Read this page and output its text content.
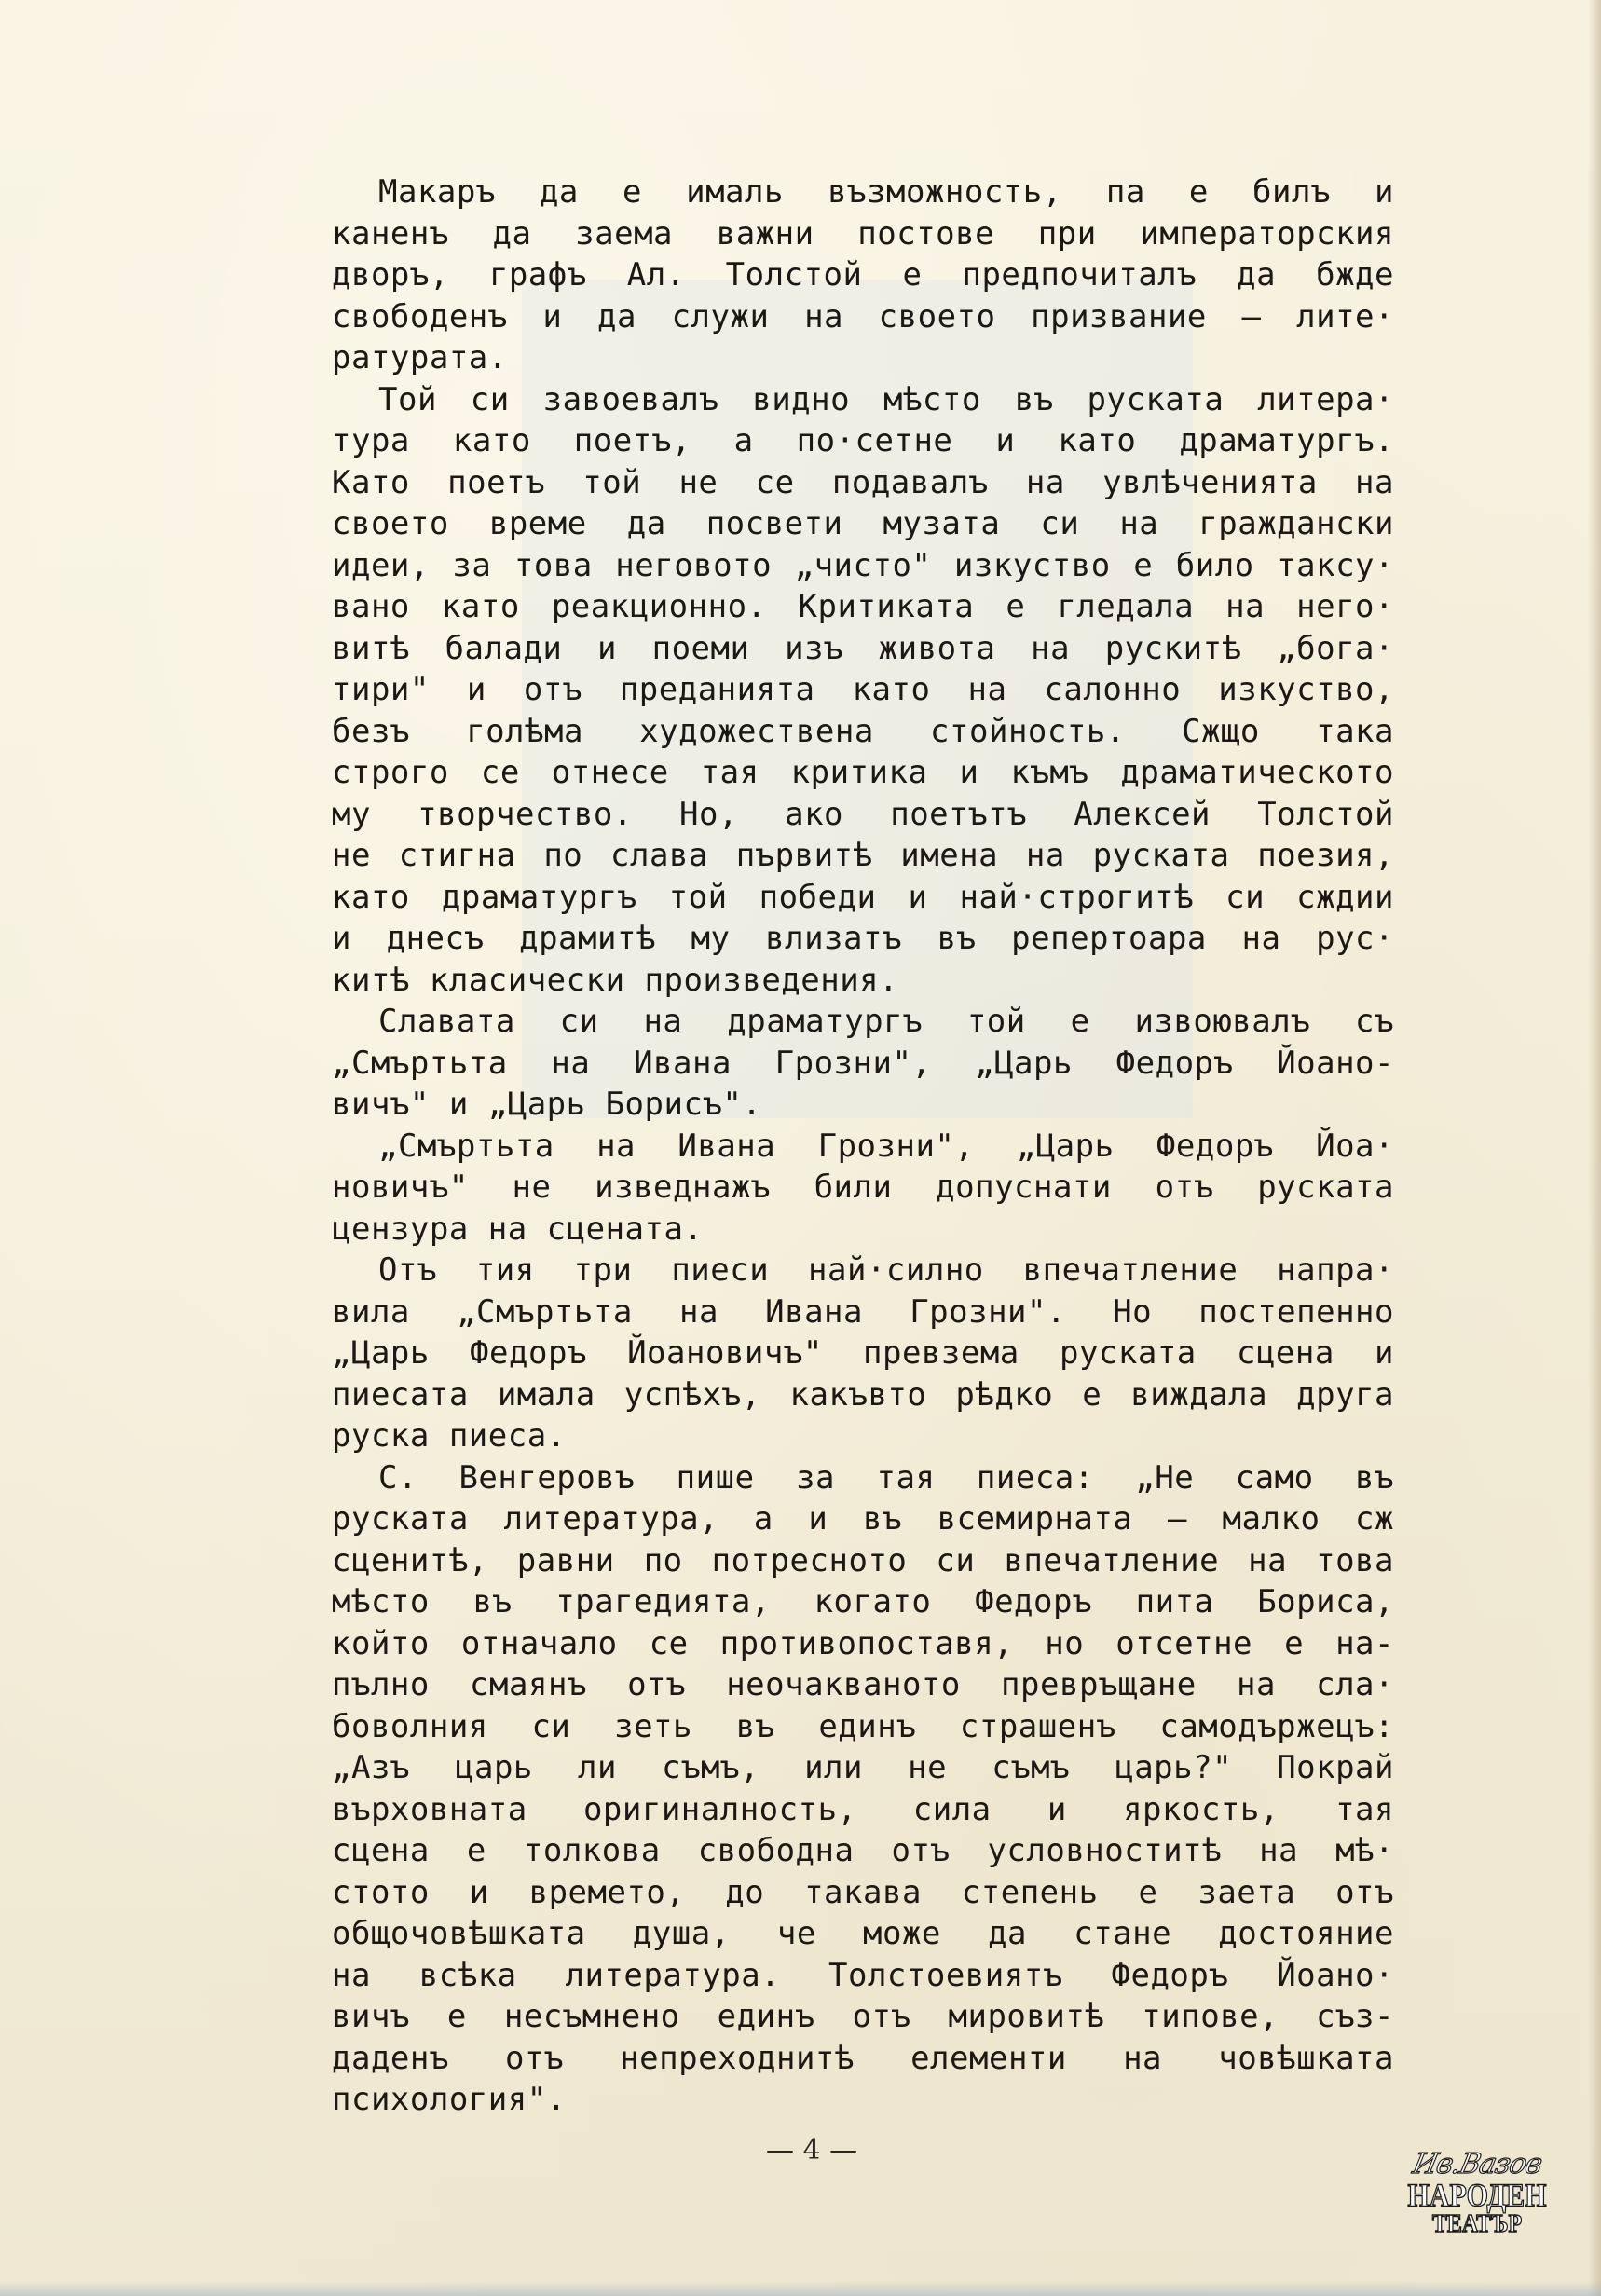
Макаръ да е ималь възможность, па е билъ и
каненъ да заема важни постове при императорския
дворъ, графъ Ал. Толстой е предпочиталъ да бжде
свободенъ и да служи на своето призвание — лите·
ратурата.
Той си завоевалъ видно мѣсто въ руската литера·
тура като поетъ, а по·сетне и като драматургъ.
Като поетъ той не се подавалъ на увлѣченията на
своето време да посвети музата си на граждански
идеи, за това неговото „чисто" изкуство е било таксу·
вано като реакционно. Критиката е гледала на него·
витѣ балади и поеми изъ живота на рускитѣ „бога·
тири" и отъ преданията като на салонно изкуство,
безъ голѣма художествена стойность. Сжщо така
строго се отнесе тая критика и къмъ драматическото
му творчество. Но, ако поетътъ Алексей Толстой
не стигна по слава първитѣ имена на руската поезия,
като драматургъ той победи и най·строгитѣ си сждии
и днесъ драмитѣ му влизатъ въ репертоара на рус·
китѣ класически произведения.
Славата си на драматургъ той е извоювалъ съ
„Смъртьта на Ивана Грозни", „Царь Федоръ Йоано-
вичъ" и „Царь Борисъ".
„Смъртьта на Ивана Грозни", „Царь Федоръ Йоа·
новичъ" не изведнажъ били допуснати отъ руската
цензура на сцената.
Отъ тия три пиеси най·силно впечатление напра·
вила „Смъртьта на Ивана Грозни". Но постепенно
„Царь Федоръ Йоановичъ" превзема руската сцена и
пиесата имала успѣхъ, какъвто рѣдко е виждала друга
руска пиеса.
С. Венгеровъ пише за тая пиеса: „Не само въ
руската литература, а и въ всемирната — малко сж
сценитѣ, равни по потресното си впечатление на това
мѣсто въ трагедията, когато Федоръ пита Бориса,
който отначало се противопоставя, но отсетне е на-
пълно смаянъ отъ неочакваното превръщане на сла·
боволния си зеть въ единъ страшенъ самодържецъ:
„Азъ царь ли съмъ, или не съмъ царь?" Покрай
върховната оригиналность, сила и яркость, тая
сцена е толкова свободна отъ условноститѣ на мѣ·
стото и времето, до такава степень е заета отъ
общочовѣшката душа, че може да стане достояние
на всѣка литература. Толстоевиятъ Федоръ Йоано·
вичъ е несъмнено единъ отъ мировитѣ типове, съз-
даденъ отъ непреходнитѣ елементи на човѣшката
психология".
— 4 —	Ив.Вазов
НАРОДЕН
ТЕАТЪР
